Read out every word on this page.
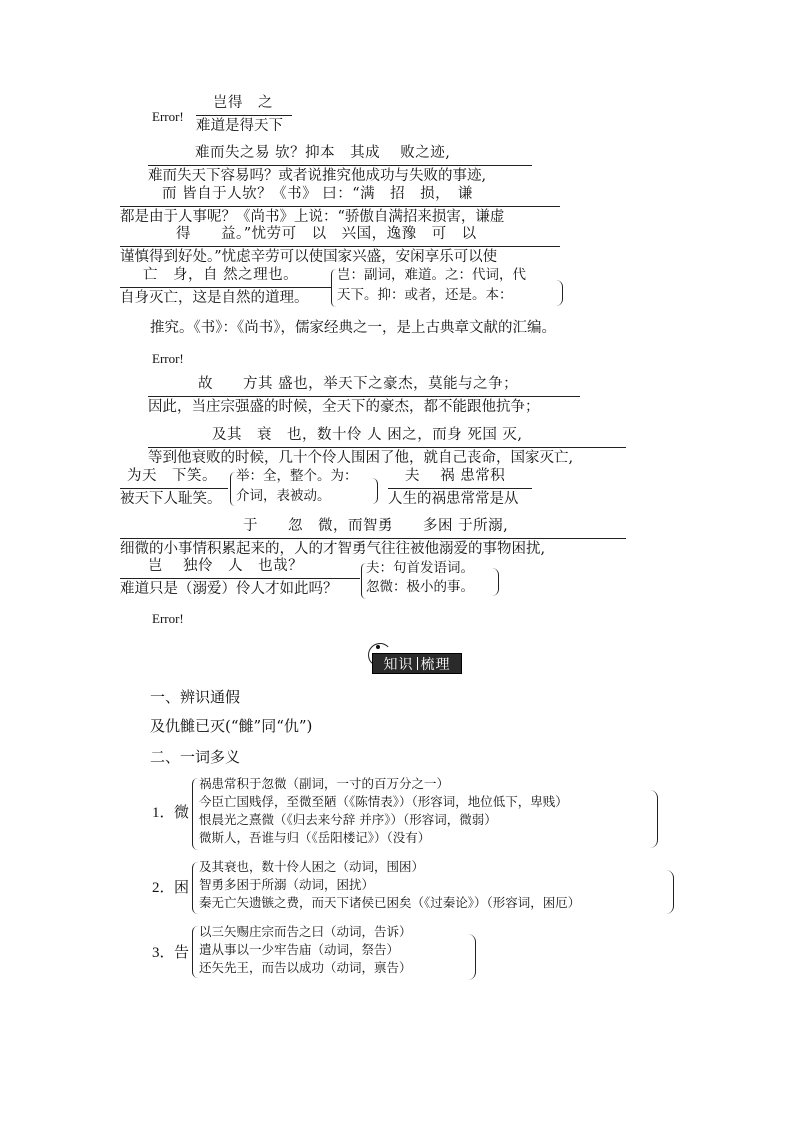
Error!
岂得　之
难道是得天下
难而失之易 欤？抑本　其成　 败之迹,
难而失天下容易吗？或者说推究他成功与失败的事迹,
而 皆自于人欤？《书》 曰：“满　招　损，　谦
都是由于人事呢？《尚书》上说：“骄傲自满招来损害，谦虚
得　　益。”忧劳可　以　兴国，逸豫　可　以
谨慎得到好处。”忧虑辛劳可以使国家兴盛，安闲享乐可以使
亡　身，自 然之理也。
自身灭亡，这是自然的道理。
岂：副词，难道。之：代词，代
天下。抑：或者，还是。本：
推究。《书》：《尚书》，儒家经典之一，是上古典章文献的汇编。
Error!
故　　方其 盛也，举天下之豪杰，莫能与之争；
因此，当庄宗强盛的时候，全天下的豪杰，都不能跟他抗争；
及其　衰　也，数十伶 人 困之，而身 死国 灭,
等到他衰败的时候，几十个伶人围困了他，就自己丧命，国家灭亡,
为天　下笑。
被天下人耻笑。
举：全，整个。为：
介词，表被动。
夫　 祸 患常积
人生的祸患常常是从
于　　忽　微，而智勇　　多困 于所溺,
细微的小事情积累起来的，人的才智勇气往往被他溺爱的事物困扰,
岂　 独伶　人　也哉？
难道只是（溺爱）伶人才如此吗？
夫：句首发语词。
忽微：极小的事。
Error!
知识 梳理
一、辨识通假
及仇雠已灭(“雠”同“仇”)
二、一词多义
1． 微
祸患常积于忽微（副词，一寸的百万分之一）
今臣亡国贱俘，至微至陋（《陈情表》）（形容词，地位低下，卑贱）
恨晨光之熹微（《归去来兮辞 并序》）（形容词，微弱）
微斯人，吾谁与归（《岳阳楼记》）（没有）
2． 困
及其衰也，数十伶人困之（动词，围困）
智勇多困于所溺（动词，困扰）
秦无亡矢遗镞之费，而天下诸侯已困矣（《过秦论》）（形容词，困厄）
3． 告
以三矢赐庄宗而告之曰（动词，告诉）
遣从事以一少牢告庙（动词，祭告）
还矢先王，而告以成功（动词，禀告）
